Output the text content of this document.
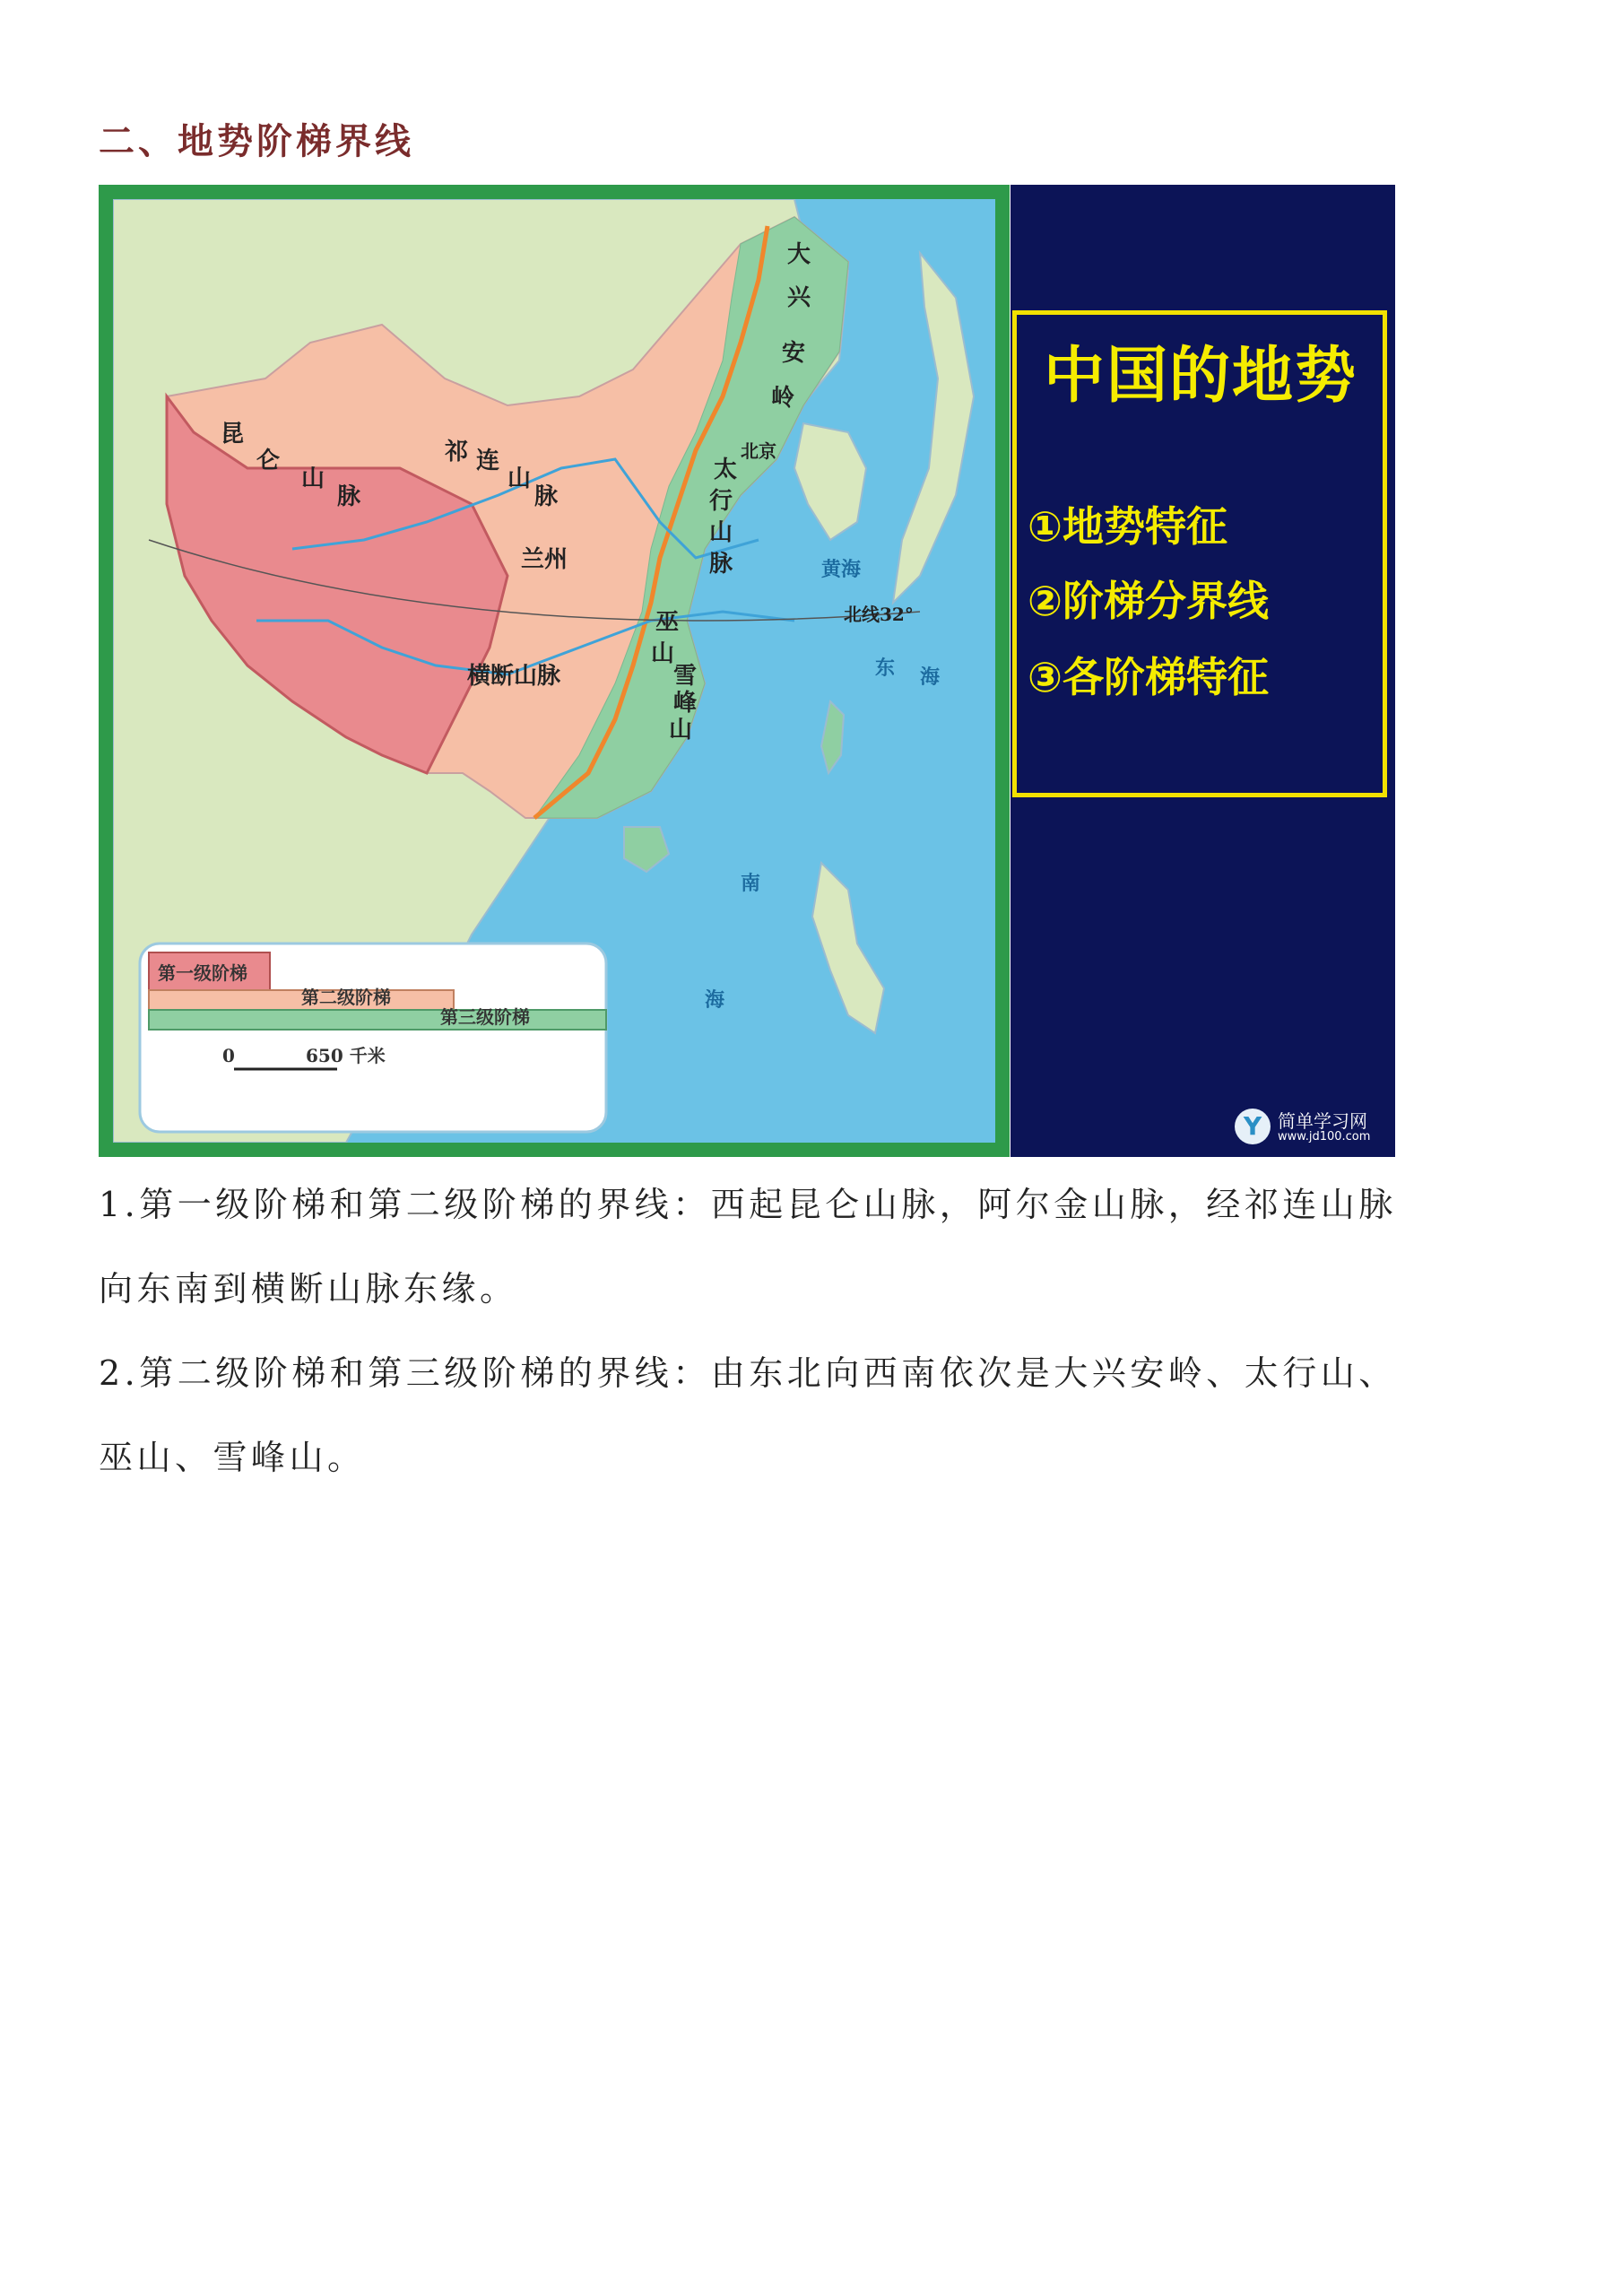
二、地势阶梯界线
昆
仑
山
脉
祁 连
山
脉
横断山脉
兰州
大
兴
安
岭
北京
太
行
山
脉
巫
山
雪
峰
山
黄海
东 海
南
海
北线32°
第一级阶梯
第二级阶梯
第三级阶梯
0	650 千米
中国的地势
①地势特征
②阶梯分界线
③各阶梯特征
Y 简单学习网
www.jd100.com
1.第一级阶梯和第二级阶梯的界线：西起昆仑山脉，阿尔金山脉，经祁连山脉
向东南到横断山脉东缘。
2.第二级阶梯和第三级阶梯的界线：由东北向西南依次是大兴安岭、太行山、
巫山、雪峰山。
